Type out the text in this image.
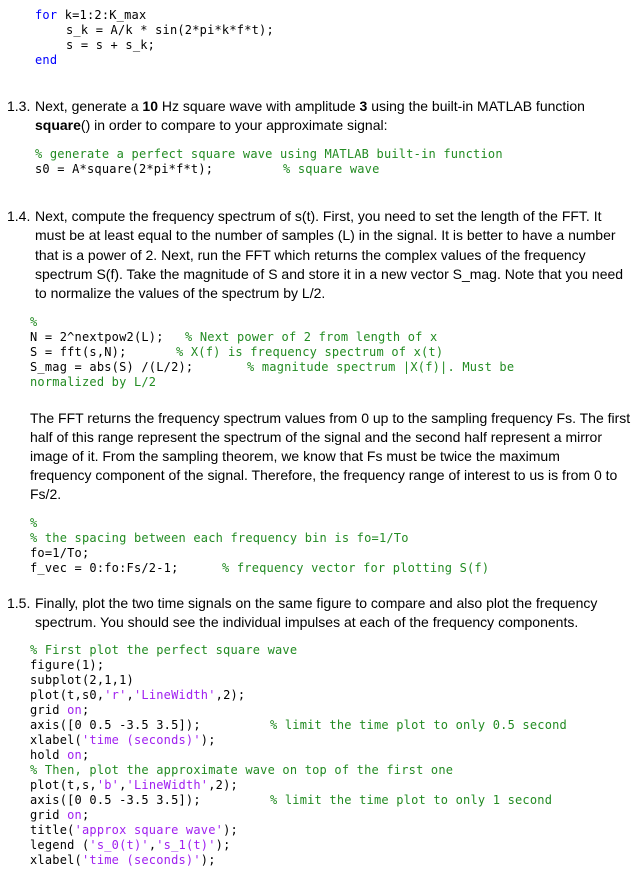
for k=1:2:K_max
s_k = A/k * sin(2*pi*k*f*t);
s = s + s_k;
end
1.3. Next, generate a 10 Hz square wave with amplitude 3 using the built-in MATLAB function
square() in order to compare to your approximate signal:
% generate a perfect square wave using MATLAB built-in function
s0 = A*square(2*pi*f*t);	% square wave
1.4. Next, compute the frequency spectrum of s(t). First, you need to set the length of the FFT. It
must be at least equal to the number of samples (L) in the signal. It is better to have a number
that is a power of 2. Next, run the FFT which returns the complex values of the frequency
spectrum S(f). Take the magnitude of S and store it in a new vector S_mag. Note that you need
to normalize the values of the spectrum by L/2.
%
N = 2^nextpow2(L); % Next power of 2 from length of x
S = fft(s,N);	% X(f) is frequency spectrum of x(t)
S_mag = abs(S) /(L/2);	% magnitude spectrum |X(f)|. Must be
normalized by L/2
The FFT returns the frequency spectrum values from 0 up to the sampling frequency Fs. The first
half of this range represent the spectrum of the signal and the second half represent a mirror
image of it. From the sampling theorem, we know that Fs must be twice the maximum
frequency component of the signal. Therefore, the frequency range of interest to us is from 0 to
Fs/2.
%
% the spacing between each frequency bin is fo=1/To
fo=1/To;
f_vec = 0:fo:Fs/2-1;	% frequency vector for plotting S(f)
1.5. Finally, plot the two time signals on the same figure to compare and also plot the frequency
spectrum. You should see the individual impulses at each of the frequency components.
% First plot the perfect square wave
figure(1);
subplot(2,1,1)
plot(t,s0,'r','LineWidth',2);
grid on;
axis([0 0.5 -3.5 3.5]);	% limit the time plot to only 0.5 second
xlabel('time (seconds)');
hold on;
% Then, plot the approximate wave on top of the first one
plot(t,s,'b','LineWidth',2);
axis([0 0.5 -3.5 3.5]);	% limit the time plot to only 1 second
grid on;
title('approx square wave');
legend ('s_0(t)','s_1(t)');
xlabel('time (seconds)');
